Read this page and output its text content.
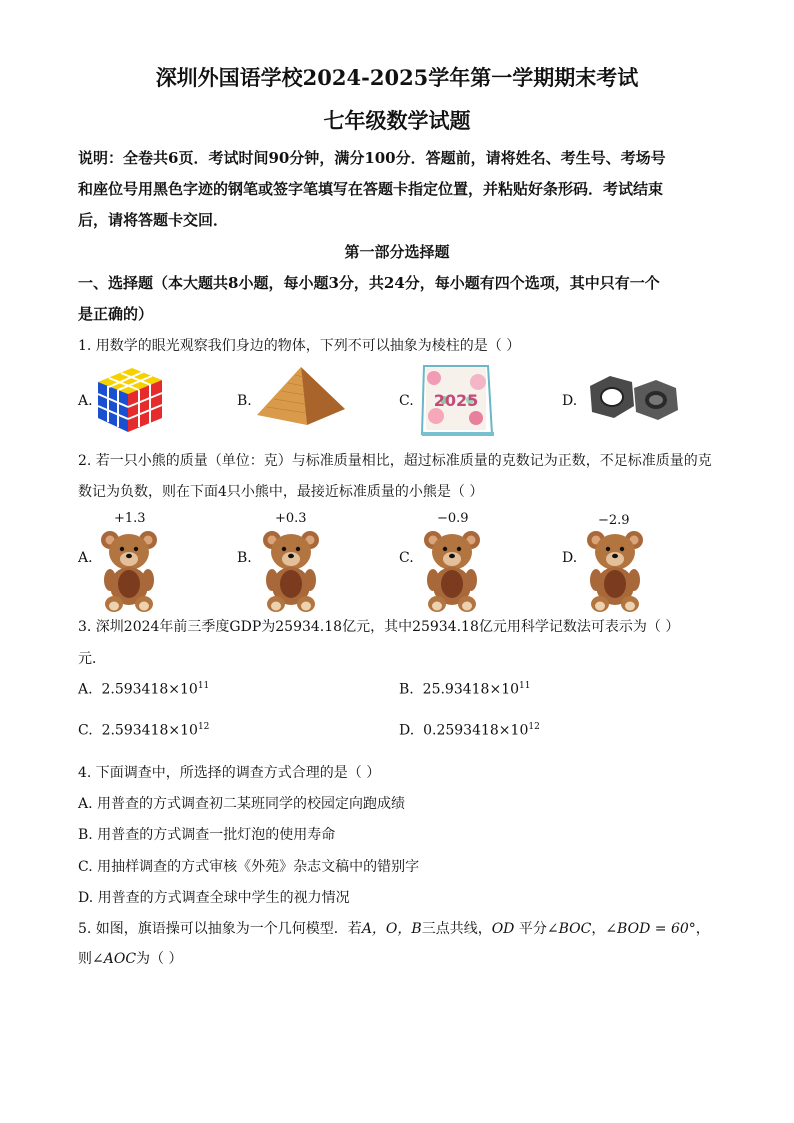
深圳外国语学校2024-2025学年第一学期期末考试
七年级数学试题
说明：全卷共6页．考试时间90分钟，满分100分．答题前，请将姓名、考生号、考场号
和座位号用黑色字迹的钢笔或签字笔填写在答题卡指定位置，并粘贴好条形码．考试结束
后，请将答题卡交回．
第一部分选择题
一、选择题（本大题共8小题，每小题3分，共24分，每小题有四个选项，其中只有一个
是正确的）
1. 用数学的眼光观察我们身边的物体，下列不可以抽象为棱柱的是（ ）
A.	B.	C. 2025	D.
2. 若一只小熊的质量（单位：克）与标准质量相比，超过标准质量的克数记为正数，不足标准质量的克
数记为负数，则在下面4只小熊中，最接近标准质量的小熊是（ ）
+1.3	+0.3	−0.9	−2.9
A.	B.	C.	D.
3. 深圳2024年前三季度GDP为25934.18亿元，其中25934.18亿元用科学记数法可表示为（ ）
元．
A. $2.593418\times 10^{11}$	B. $25.93418\times 10^{11}$
C. $2.593418\times 10^{12}$	D. $0.2593418\times 10^{12}$
4. 下面调查中，所选择的调查方式合理的是（ ）
A. 用普查的方式调查初二某班同学的校园定向跑成绩
B. 用普查的方式调查一批灯泡的使用寿命
C. 用抽样调查的方式审核《外苑》杂志文稿中的错别字
D. 用普查的方式调查全球中学生的视力情况
5. 如图，旗语操可以抽象为一个几何模型．若A，O，B三点共线，OD 平分∠BOC，∠BOD = 60°，
则∠AOC为（ ）
